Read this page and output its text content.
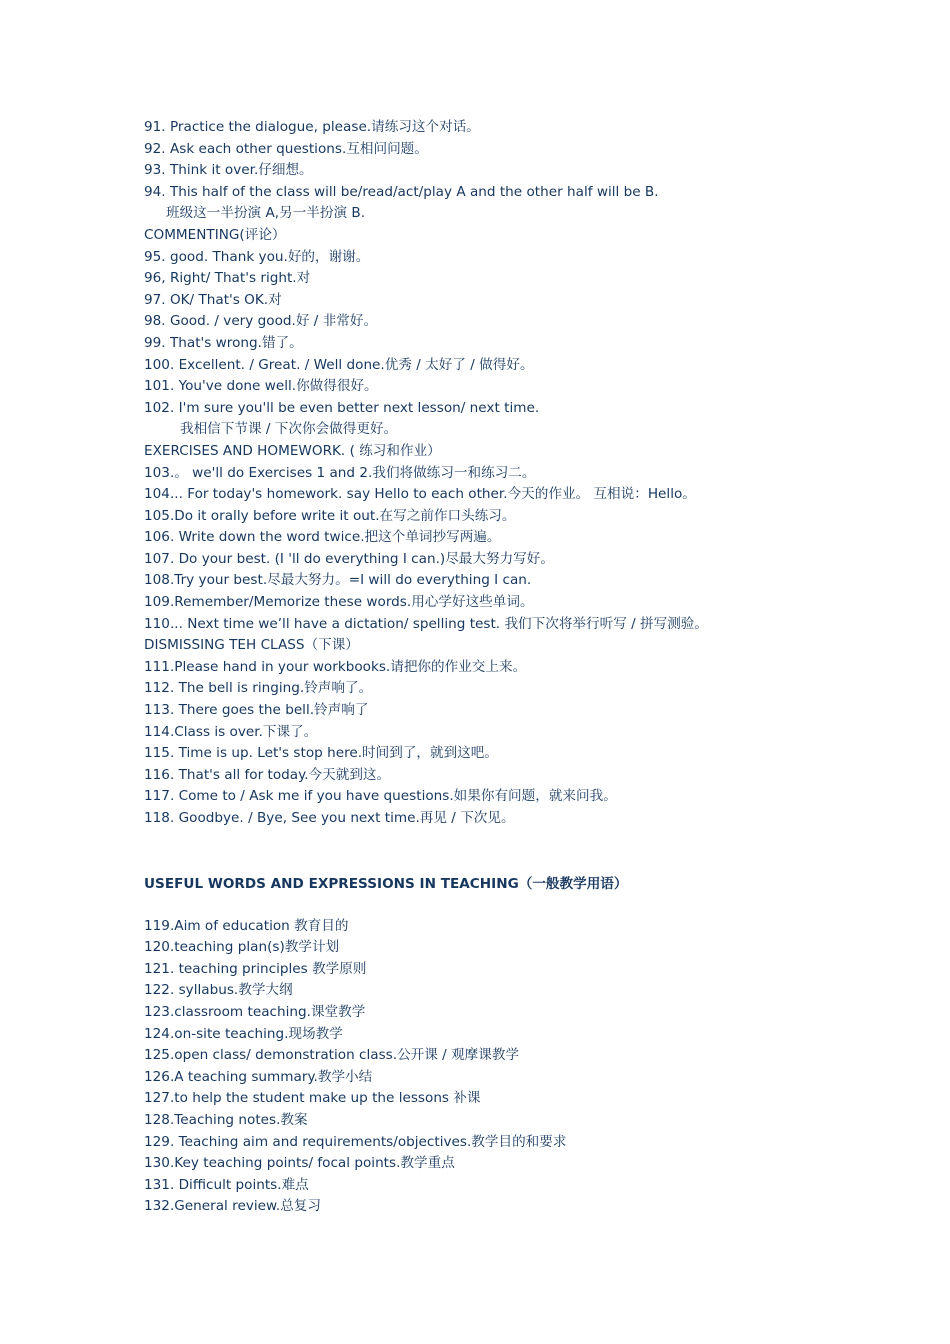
91. Practice the dialogue, please.请练习这个对话。
92. Ask each other questions.互相问问题。
93. Think it over.仔细想。
94. This half of the class will be/read/act/play A and the other half will be B.
班级这一半扮演 A,另一半扮演 B.
COMMENTING(评论）
95. good. Thank you.好的，谢谢。
96, Right/ That's right.对
97. OK/ That's OK.对
98. Good. / very good.好 / 非常好。
99. That's wrong.错了。
100. Excellent. / Great. / Well done.优秀 / 太好了 / 做得好。
101. You've done well.你做得很好。
102. I'm sure you'll be even better next lesson/ next time.
我相信下节课 / 下次你会做得更好。
EXERCISES AND HOMEWORK. ( 练习和作业）
103.。 we'll do Exercises 1 and 2.我们将做练习一和练习二。
104... For today's homework. say Hello to each other.今天的作业。 互相说：Hello。
105.Do it orally before write it out.在写之前作口头练习。
106. Write down the word twice.把这个单词抄写两遍。
107. Do your best. (I 'll do everything I can.)尽最大努力写好。
108.Try your best.尽最大努力。=I will do everything I can.
109.Remember/Memorize these words.用心学好这些单词。
110... Next time we’ll have a dictation/ spelling test. 我们下次将举行听写 / 拼写测验。
DISMISSING TEH CLASS（下课）
111.Please hand in your workbooks.请把你的作业交上来。
112. The bell is ringing.铃声响了。
113. There goes the bell.铃声响了
114.Class is over.下课了。
115. Time is up. Let's stop here.时间到了，就到这吧。
116. That's all for today.今天就到这。
117. Come to / Ask me if you have questions.如果你有问题，就来问我。
118. Goodbye. / Bye, See you next time.再见 / 下次见。
USEFUL WORDS AND EXPRESSIONS IN TEACHING（一般教学用语）
119.Aim of education 教育目的
120.teaching plan(s)教学计划
121. teaching principles 教学原则
122. syllabus.教学大纲
123.classroom teaching.课堂教学
124.on-site teaching.现场教学
125.open class/ demonstration class.公开课 / 观摩课教学
126.A teaching summary.教学小结
127.to help the student make up the lessons 补课
128.Teaching notes.教案
129. Teaching aim and requirements/objectives.教学目的和要求
130.Key teaching points/ focal points.教学重点
131. Difficult points.难点
132.General review.总复习
